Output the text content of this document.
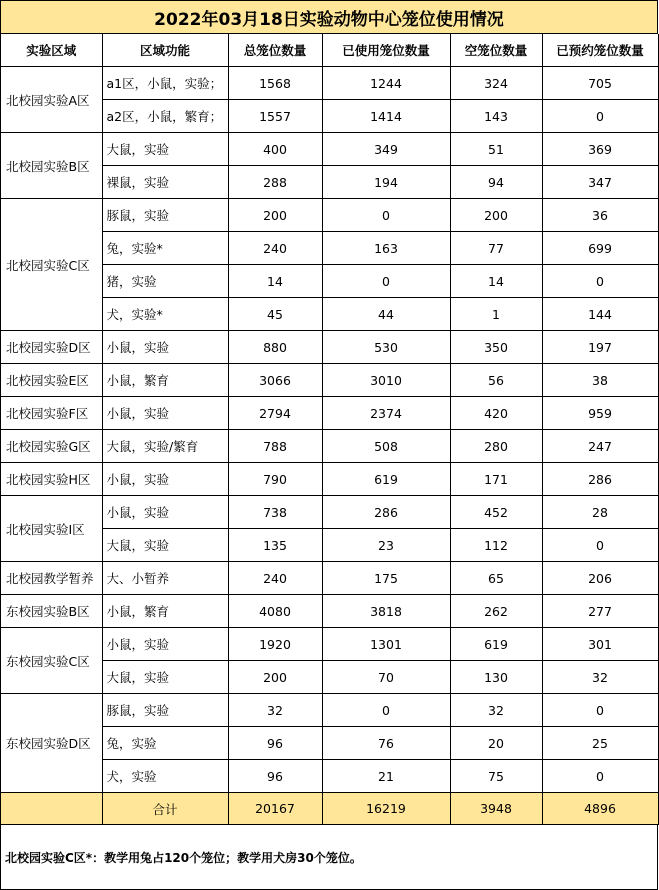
2022年03月18日实验动物中心笼位使用情况
实验区域	区域功能	总笼位数量	已使用笼位数量	空笼位数量	已预约笼位数量
北校园实验A区	a1区，小鼠，实验；	1568	1244	324	705
	a2区，小鼠，繁育；	1557	1414	143	0
北校园实验B区	大鼠，实验	400	349	51	369
	裸鼠，实验	288	194	94	347
北校园实验C区	豚鼠，实验	200	0	200	36
	兔，实验*	240	163	77	699
	猪，实验	14	0	14	0
	犬，实验*	45	44	1	144
北校园实验D区	小鼠，实验	880	530	350	197
北校园实验E区	小鼠，繁育	3066	3010	56	38
北校园实验F区	小鼠，实验	2794	2374	420	959
北校园实验G区	大鼠，实验/繁育	788	508	280	247
北校园实验H区	小鼠，实验	790	619	171	286
北校园实验I区	小鼠，实验	738	286	452	28
	大鼠，实验	135	23	112	0
北校园教学暂养	大、小暂养	240	175	65	206
东校园实验B区	小鼠，繁育	4080	3818	262	277
东校园实验C区	小鼠，实验	1920	1301	619	301
	大鼠，实验	200	70	130	32
东校园实验D区	豚鼠，实验	32	0	32	0
	兔，实验	96	76	20	25
	犬，实验	96	21	75	0
	合计	20167	16219	3948	4896
北校园实验C区*：教学用兔占120个笼位；教学用犬房30个笼位。
